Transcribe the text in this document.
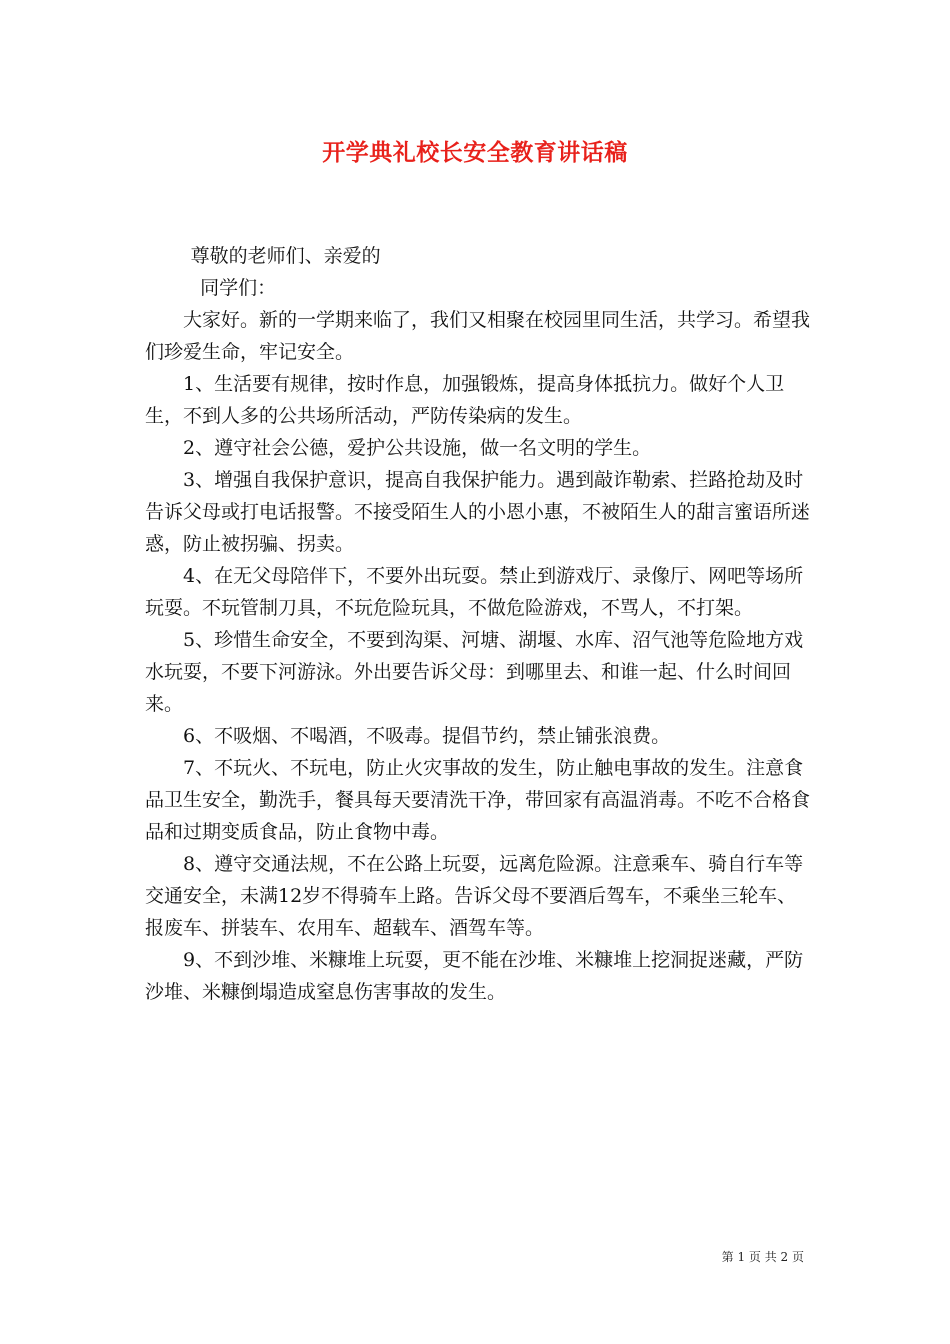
开学典礼校长安全教育讲话稿

尊敬的老师们、亲爱的

同学们：

大家好。新的一学期来临了，我们又相聚在校园里同生活，共学习。希望我们珍爱生命，牢记安全。

1、生活要有规律，按时作息，加强锻炼，提高身体抵抗力。做好个人卫生，不到人多的公共场所活动，严防传染病的发生。

2、遵守社会公德，爱护公共设施，做一名文明的学生。

3、增强自我保护意识，提高自我保护能力。遇到敲诈勒索、拦路抢劫及时告诉父母或打电话报警。不接受陌生人的小恩小惠，不被陌生人的甜言蜜语所迷惑，防止被拐骗、拐卖。

4、在无父母陪伴下，不要外出玩耍。禁止到游戏厅、录像厅、网吧等场所玩耍。不玩管制刀具，不玩危险玩具，不做危险游戏，不骂人，不打架。

5、珍惜生命安全，不要到沟渠、河塘、湖堰、水库、沼气池等危险地方戏水玩耍，不要下河游泳。外出要告诉父母：到哪里去、和谁一起、什么时间回来。

6、不吸烟、不喝酒，不吸毒。提倡节约，禁止铺张浪费。

7、不玩火、不玩电，防止火灾事故的发生，防止触电事故的发生。注意食品卫生安全，勤洗手，餐具每天要清洗干净，带回家有高温消毒。不吃不合格食品和过期变质食品，防止食物中毒。

8、遵守交通法规，不在公路上玩耍，远离危险源。注意乘车、骑自行车等交通安全，未满12岁不得骑车上路。告诉父母不要酒后驾车，不乘坐三轮车、报废车、拼装车、农用车、超载车、酒驾车等。

9、不到沙堆、米糠堆上玩耍，更不能在沙堆、米糠堆上挖洞捉迷藏，严防沙堆、米糠倒塌造成窒息伤害事故的发生。

第 1 页 共 2 页
